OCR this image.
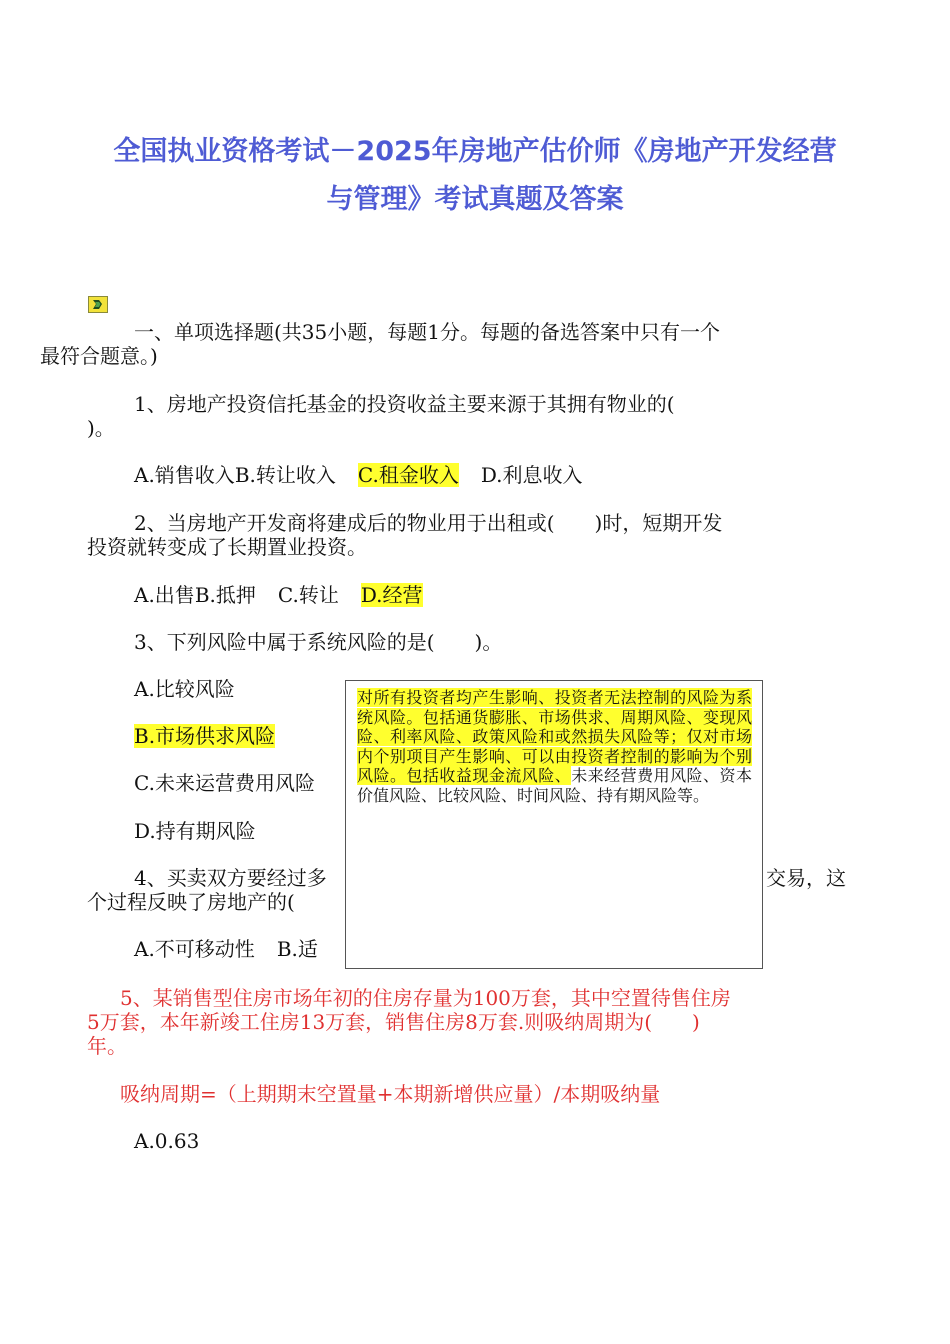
全国执业资格考试－2025年房地产估价师《房地产开发经营
与管理》考试真题及答案
一、单项选择题(共35小题，每题1分。每题的备选答案中只有一个
最符合题意。)
1、房地产投资信托基金的投资收益主要来源于其拥有物业的(
)。
A.销售收入B.转让收入 C.租金收入 D.利息收入
2、当房地产开发商将建成后的物业用于出租或(　　)时，短期开发
投资就转变成了长期置业投资。
A.出售B.抵押 C.转让 D.经营
3、下列风险中属于系统风险的是(　　)。
A.比较风险
B.市场供求风险
C.未来运营费用风险
D.持有期风险
4、买卖双方要经过多	交易，这
个过程反映了房地产的(
A.不可移动性 B.适
对所有投资者均产生影响、投资者无法控制的风险为系统风险。包括通货膨胀、市场供求、周期风险、变现风险、利率风险、政策风险和或然损失风险等；仅对市场内个别项目产生影响、可以由投资者控制的影响为个别风险。包括收益现金流风险、未来经营费用风险、资本价值风险、比较风险、时间风险、持有期风险等。
5、某销售型住房市场年初的住房存量为100万套，其中空置待售住房
5万套，本年新竣工住房13万套，销售住房8万套.则吸纳周期为(　　)
年。
吸纳周期=（上期期末空置量+本期新增供应量）/本期吸纳量
A.0.63
